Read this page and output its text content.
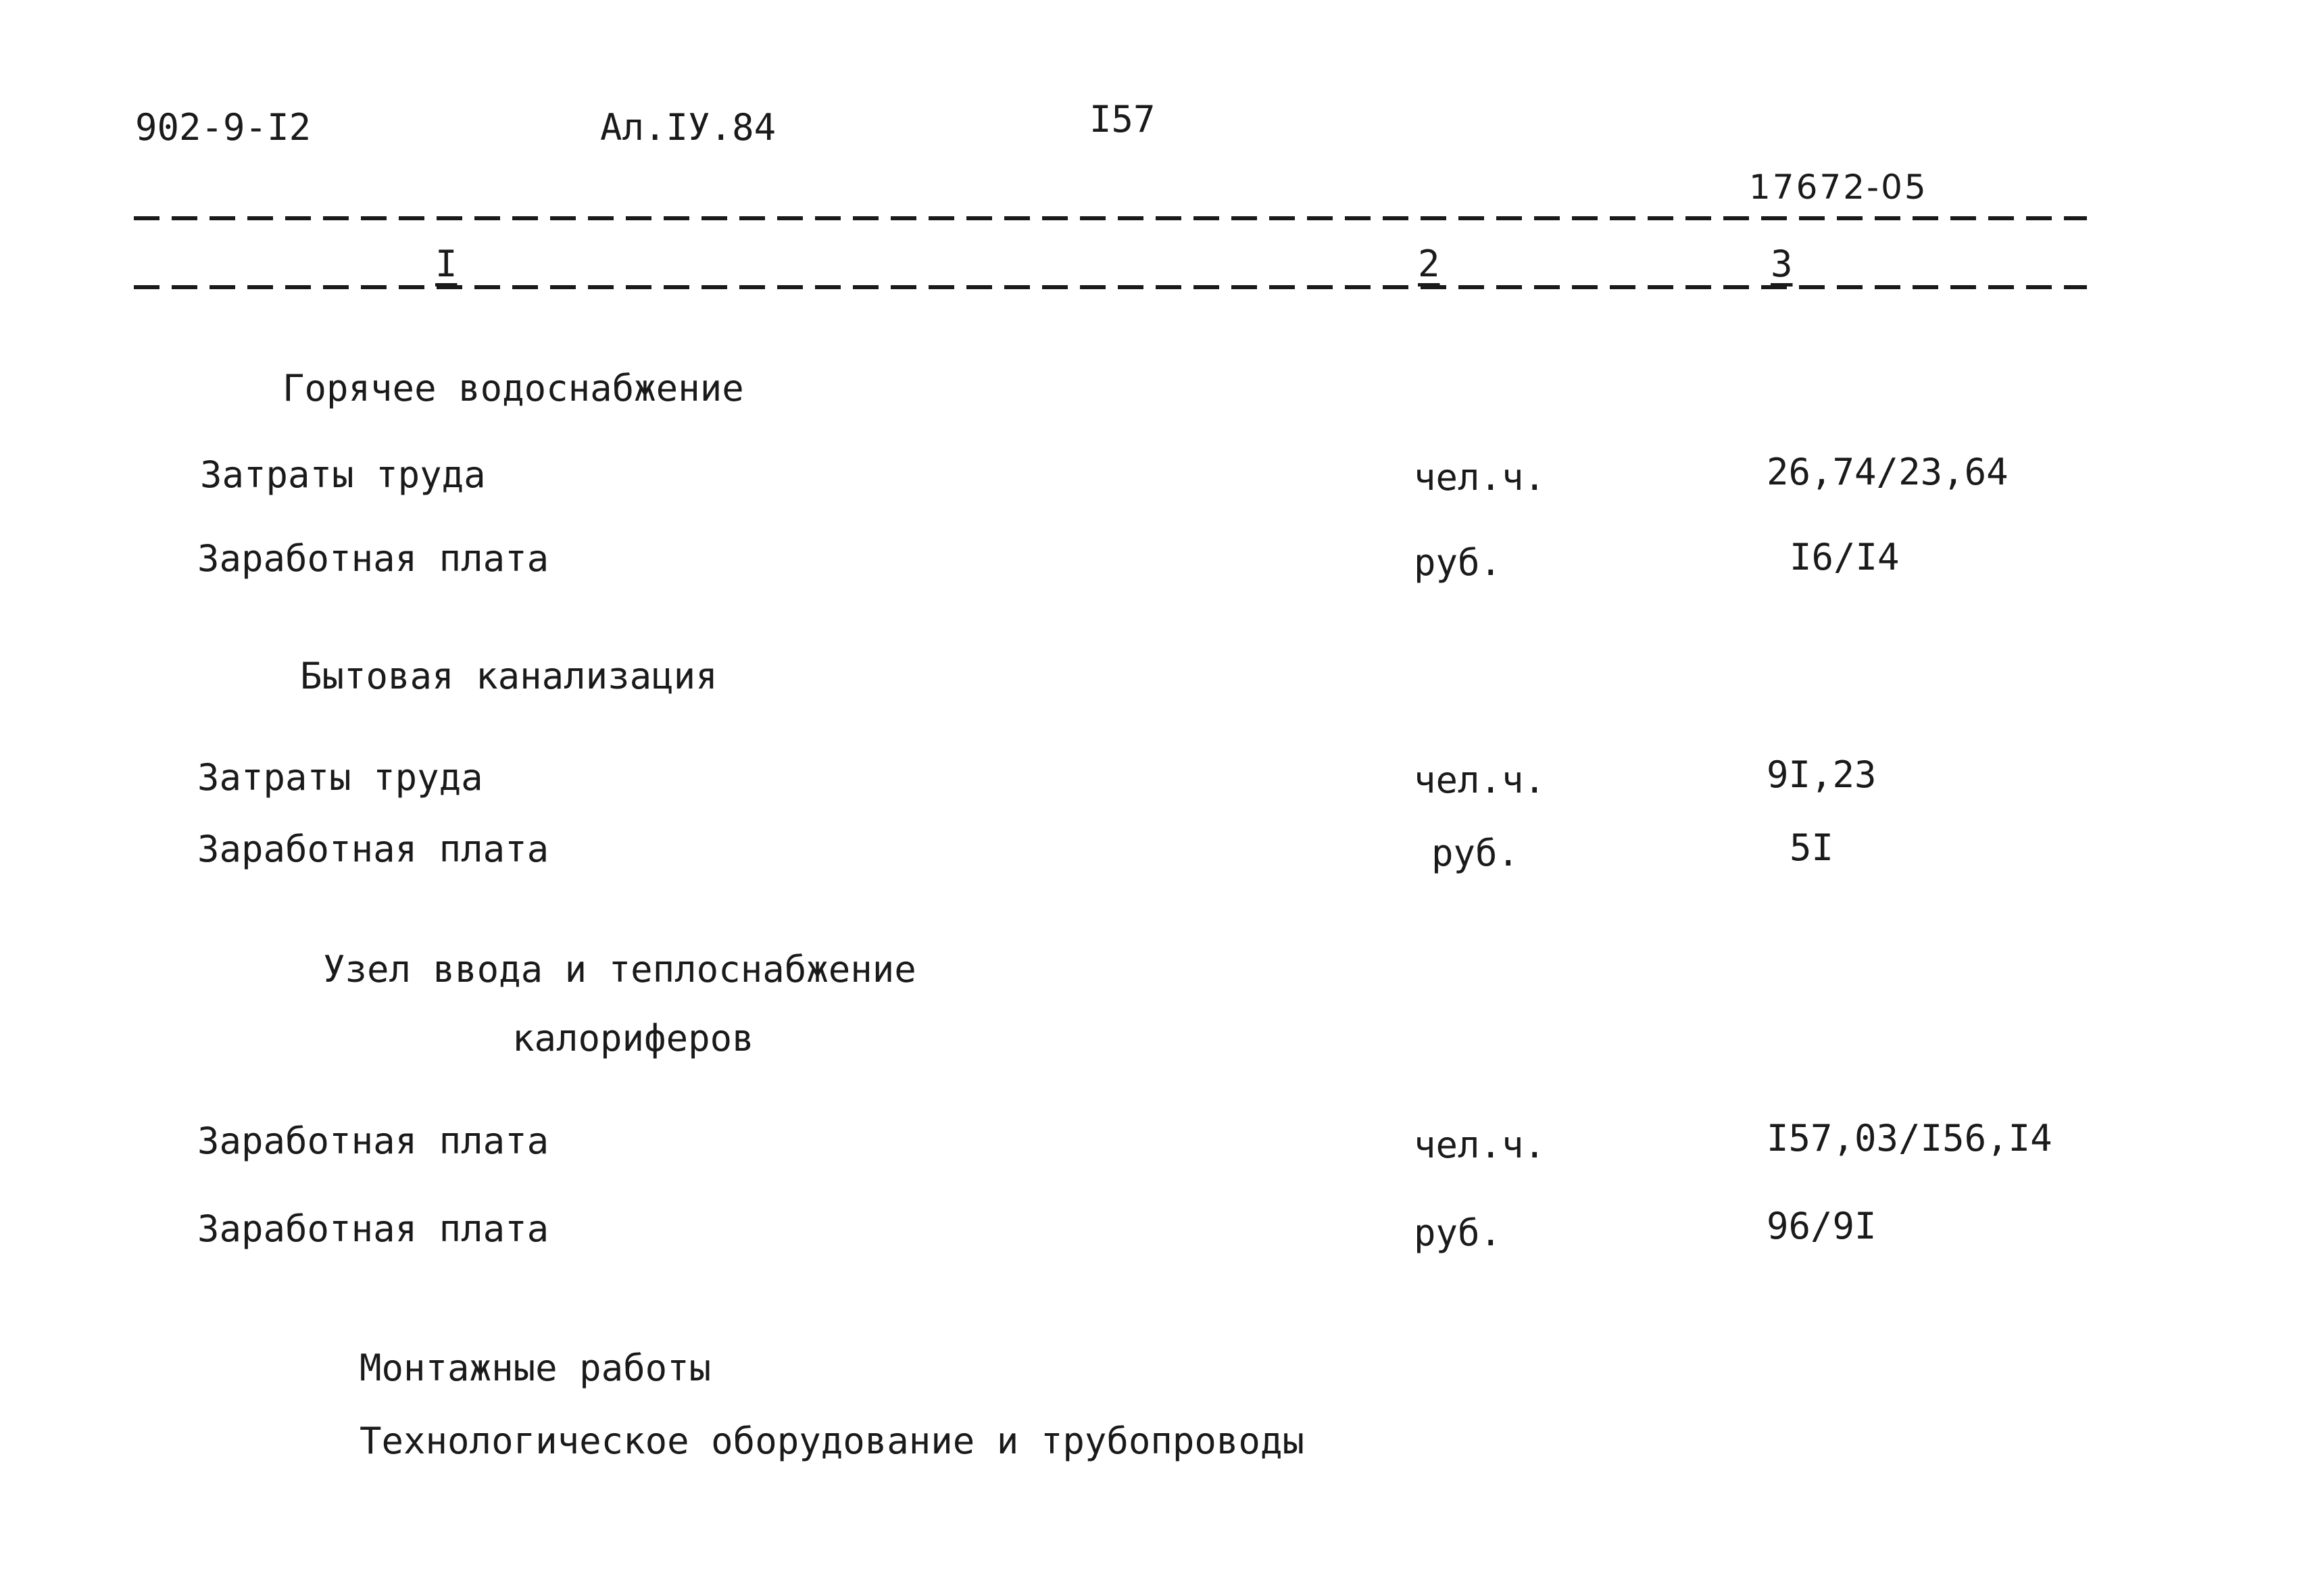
902-9-I2	Ал.IУ.84	I57
17672-05
I	2	3
Горячее водоснабжение
Затраты труда	чел.ч.	26,74/23,64
Заработная плата	руб.	I6/I4
Бытовая канализация
Затраты труда	чел.ч.	9I,23
Заработная плата	руб.	5I
Узел ввода и теплоснабжение
калориферов
Заработная плата	чел.ч.	I57,03/I56,I4
Заработная плата	руб.	96/9I
Монтажные работы
Технологическое оборудование и трубопроводы
